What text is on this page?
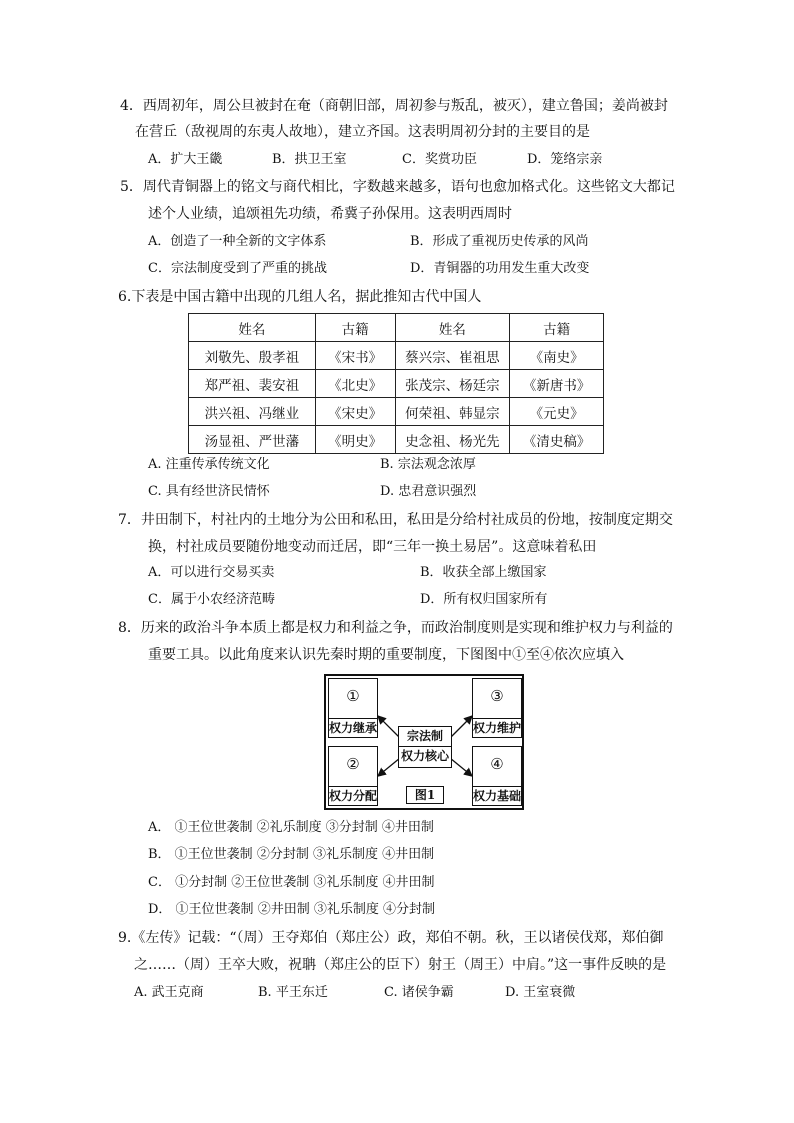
4．西周初年，周公旦被封在奄（商朝旧部，周初参与叛乱，被灭），建立鲁国；姜尚被封
在营丘（敌视周的东夷人故地），建立齐国。这表明周初分封的主要目的是
A．扩大王畿	B．拱卫王室	C．奖赏功臣	D．笼络宗亲
5．周代青铜器上的铭文与商代相比，字数越来越多，语句也愈加格式化。这些铭文大都记
述个人业绩，追颂祖先功绩，希冀子孙保用。这表明西周时
A．创造了一种全新的文字体系	B．形成了重视历史传承的风尚
C．宗法制度受到了严重的挑战	D．青铜器的功用发生重大改变
6.下表是中国古籍中出现的几组人名，据此推知古代中国人
姓名	古籍	姓名	古籍
刘敬先、殷孝祖	《宋书》	蔡兴宗、崔祖思	《南史》
郑严祖、裴安祖	《北史》	张茂宗、杨廷宗	《新唐书》
洪兴祖、冯继业	《宋史》	何荣祖、韩显宗	《元史》
汤显祖、严世藩	《明史》	史念祖、杨光先	《清史稿》
A. 注重传承传统文化	B. 宗法观念浓厚
C. 具有经世济民情怀	D. 忠君意识强烈
7．井田制下，村社内的土地分为公田和私田，私田是分给村社成员的份地，按制度定期交
换，村社成员要随份地变动而迁居，即“三年一换土易居”。这意味着私田
A．可以进行交易买卖	B．收获全部上缴国家
C．属于小农经济范畴	D．所有权归国家所有
8．历来的政治斗争本质上都是权力和利益之争，而政治制度则是实现和维护权力与利益的
重要工具。以此角度来认识先秦时期的重要制度，下图图中①至④依次应填入
①
权力继承
②
权力分配
③
权力维护
④
权力基础
宗法制
权力核心
图1
A． ①王位世袭制 ②礼乐制度 ③分封制 ④井田制
B． ①王位世袭制 ②分封制 ③礼乐制度 ④井田制
C． ①分封制 ②王位世袭制 ③礼乐制度 ④井田制
D． ①王位世袭制 ②井田制 ③礼乐制度 ④分封制
9.《左传》记载：“（周）王夺郑伯（郑庄公）政，郑伯不朝。秋，王以诸侯伐郑，郑伯御
之……（周）王卒大败，祝聃（郑庄公的臣下）射王（周王）中肩。”这一事件反映的是
A. 武王克商	B. 平王东迁	C. 诸侯争霸	D. 王室衰微
